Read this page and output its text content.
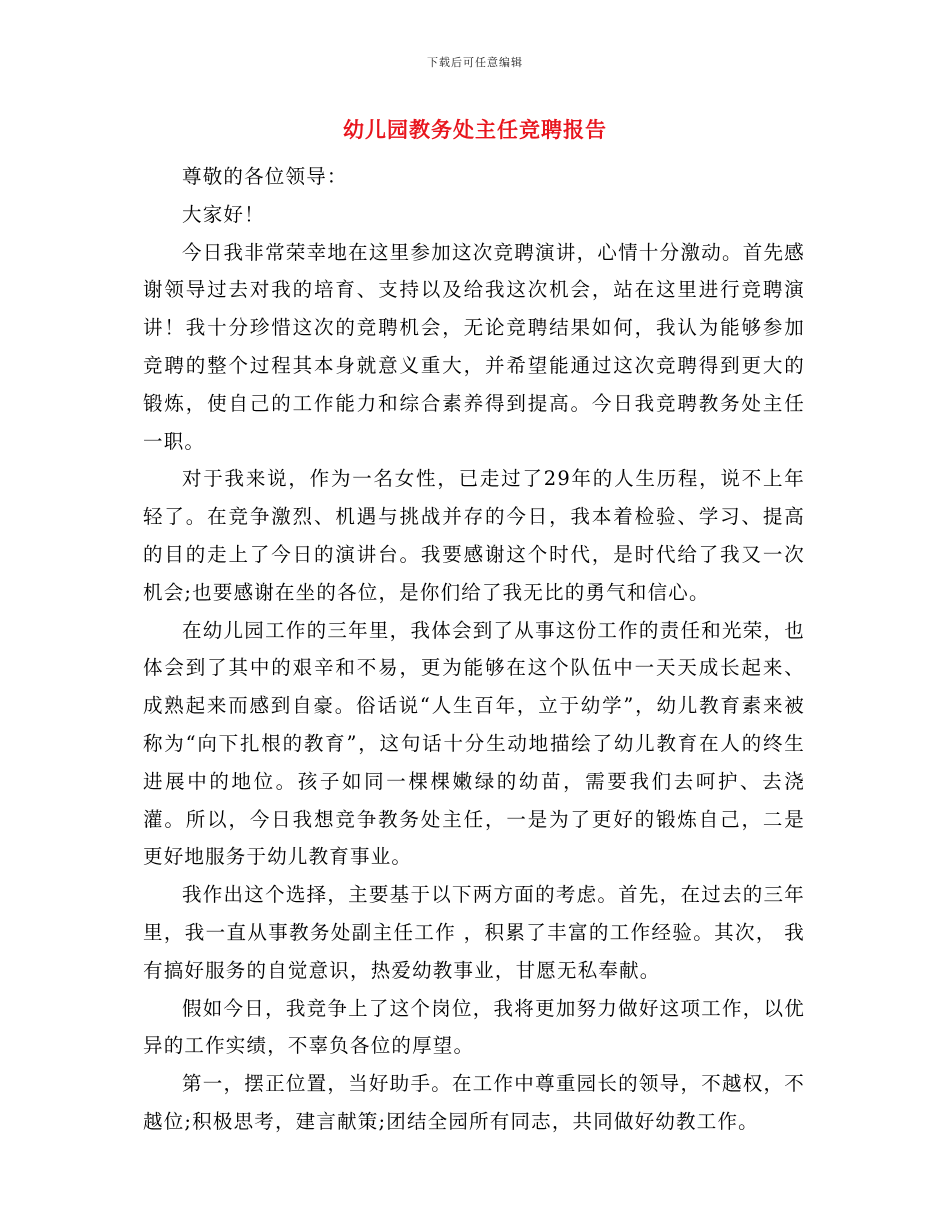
下载后可任意编辑
幼儿园教务处主任竞聘报告

尊敬的各位领导：

大家好！

今日我非常荣幸地在这里参加这次竞聘演讲，心情十分激动。首先感谢领导过去对我的培育、支持以及给我这次机会，站在这里进行竞聘演讲！我十分珍惜这次的竞聘机会，无论竞聘结果如何，我认为能够参加竞聘的整个过程其本身就意义重大，并希望能通过这次竞聘得到更大的锻炼，使自己的工作能力和综合素养得到提高。今日我竞聘教务处主任一职。

对于我来说，作为一名女性，已走过了29年的人生历程，说不上年轻了。在竞争激烈、机遇与挑战并存的今日，我本着检验、学习、提高的目的走上了今日的演讲台。我要感谢这个时代，是时代给了我又一次机会;也要感谢在坐的各位，是你们给了我无比的勇气和信心。

在幼儿园工作的三年里，我体会到了从事这份工作的责任和光荣，也体会到了其中的艰辛和不易，更为能够在这个队伍中一天天成长起来、成熟起来而感到自豪。俗话说“人生百年，立于幼学”，幼儿教育素来被称为“向下扎根的教育”，这句话十分生动地描绘了幼儿教育在人的终生进展中的地位。孩子如同一棵棵嫩绿的幼苗，需要我们去呵护、去浇灌。所以，今日我想竞争教务处主任，一是为了更好的锻炼自己，二是更好地服务于幼儿教育事业。

我作出这个选择，主要基于以下两方面的考虑。首先，在过去的三年里，我一直从事教务处副主任工作 ，积累了丰富的工作经验。其次， 我有搞好服务的自觉意识，热爱幼教事业，甘愿无私奉献。

假如今日，我竞争上了这个岗位，我将更加努力做好这项工作，以优异的工作实绩，不辜负各位的厚望。

第一，摆正位置，当好助手。在工作中尊重园长的领导，不越权，不越位;积极思考，建言献策;团结全园所有同志，共同做好幼教工作。
